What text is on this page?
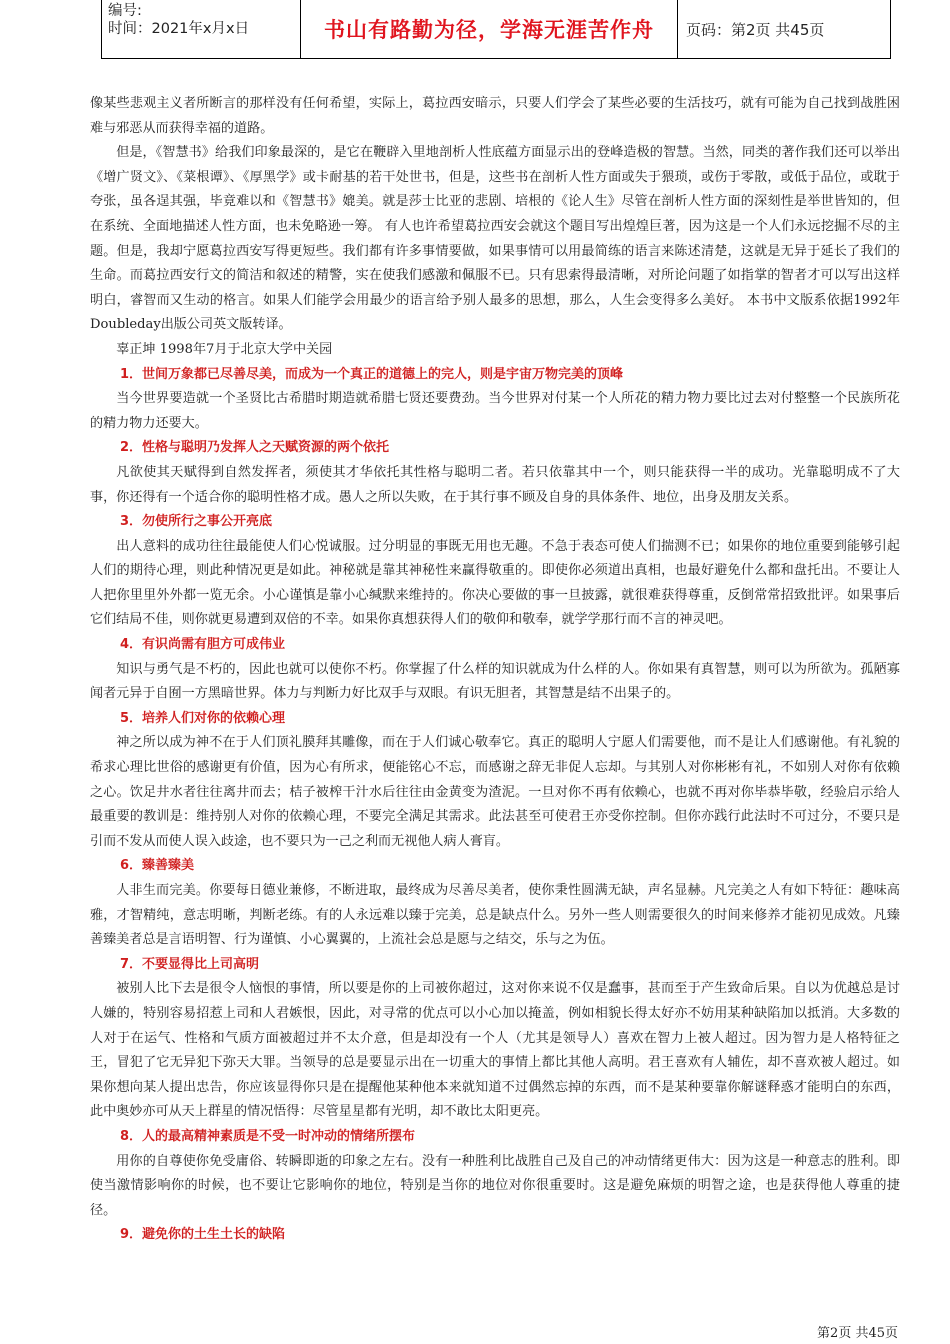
编号:
时间：2021年x月x日	书山有路勤为径，学海无涯苦作舟	页码：第2页 共45页

像某些悲观主义者所断言的那样没有任何希望，实际上，葛拉西安暗示，只要人们学会了某些必要的生活技巧，就有可能为自己找到战胜困难与邪恶从而获得幸福的道路。

但是，《智慧书》给我们印象最深的，是它在鞭辟入里地剖析人性底蕴方面显示出的登峰造极的智慧。当然，同类的著作我们还可以举出《增广贤文》、《菜根谭》、《厚黑学》或卡耐基的若干处世书，但是，这些书在剖析人性方面或失于猥琐，或伤于零散，或低于品位，或耽于夸张，虽各逞其强，毕竟难以和《智慧书》媲美。就是莎士比亚的悲剧、培根的《论人生》尽管在剖析人性方面的深刻性是举世皆知的，但在系统、全面地描述人性方面，也未免略逊一筹。 有人也许希望葛拉西安会就这个题目写出煌煌巨著，因为这是一个人们永远挖掘不尽的主题。但是，我却宁愿葛拉西安写得更短些。我们都有许多事情要做，如果事情可以用最简练的语言来陈述清楚，这就是无异于延长了我们的生命。而葛拉西安行文的简洁和叙述的精警，实在使我们感激和佩服不已。只有思索得最清晰，对所论问题了如指掌的智者才可以写出这样明白，睿智而又生动的格言。如果人们能学会用最少的语言给予别人最多的思想，那么，人生会变得多么美好。 本书中文版系依据1992年Doubleday出版公司英文版转译。

辜正坤 1998年7月于北京大学中关园

1．世间万象都已尽善尽美，而成为一个真正的道德上的完人，则是宇宙万物完美的顶峰

当今世界要造就一个圣贤比古希腊时期造就希腊七贤还要费劲。当今世界对付某一个人所花的精力物力要比过去对付整整一个民族所花的精力物力还要大。

2．性格与聪明乃发挥人之天赋资源的两个依托

凡欲使其天赋得到自然发挥者，须使其才华依托其性格与聪明二者。若只依靠其中一个，则只能获得一半的成功。光靠聪明成不了大事，你还得有一个适合你的聪明性格才成。愚人之所以失败，在于其行事不顾及自身的具体条件、地位，出身及朋友关系。

3．勿使所行之事公开亮底

出人意料的成功往往最能使人们心悦诚服。过分明显的事既无用也无趣。不急于表态可使人们揣测不已；如果你的地位重要到能够引起人们的期待心理，则此种情况更是如此。神秘就是靠其神秘性来赢得敬重的。即使你必须道出真相，也最好避免什么都和盘托出。不要让人人把你里里外外都一览无余。小心谨慎是靠小心缄默来维持的。你决心要做的事一旦披露，就很难获得尊重，反倒常常招致批评。如果事后它们结局不佳，则你就更易遭到双倍的不幸。如果你真想获得人们的敬仰和敬奉，就学学那行而不言的神灵吧。

4．有识尚需有胆方可成伟业

知识与勇气是不朽的，因此也就可以使你不朽。你掌握了什么样的知识就成为什么样的人。你如果有真智慧，则可以为所欲为。孤陋寡闻者元异于自囿一方黑暗世界。体力与判断力好比双手与双眼。有识无胆者，其智慧是结不出果子的。

5．培养人们对你的依赖心理

神之所以成为神不在于人们顶礼膜拜其雕像，而在于人们诚心敬奉它。真正的聪明人宁愿人们需要他，而不是让人们感谢他。有礼貌的希求心理比世俗的感谢更有价值，因为心有所求，便能铭心不忘，而感谢之辞无非促人忘却。与其别人对你彬彬有礼，不如别人对你有依赖之心。饮足井水者往往离井而去；桔子被榨干汁水后往往由金黄变为渣泥。一旦对你不再有依赖心，也就不再对你毕恭毕敬，经验启示给人最重要的教训是：维持别人对你的依赖心理，不要完全满足其需求。此法甚至可使君王亦受你控制。但你亦践行此法时不可过分，不要只是引而不发从而使人误入歧途，也不要只为一己之利而无视他人病人膏肓。

6．臻善臻美

人非生而完美。你要每日德业兼修，不断进取，最终成为尽善尽美者，使你秉性圆满无缺，声名显赫。凡完美之人有如下特征：趣味高雅，才智精纯，意志明晰，判断老练。有的人永远难以臻于完美，总是缺点什么。另外一些人则需要很久的时间来修养才能初见成效。凡臻善臻美者总是言语明智、行为谨慎、小心翼翼的，上流社会总是愿与之结交，乐与之为伍。

7．不要显得比上司高明

被别人比下去是很令人恼恨的事情，所以要是你的上司被你超过，这对你来说不仅是蠢事，甚而至于产生致命后果。自以为优越总是讨人嫌的，特别容易招惹上司和人君嫉恨，因此，对寻常的优点可以小心加以掩盖，例如相貌长得太好亦不妨用某种缺陷加以抵消。大多数的人对于在运气、性格和气质方面被超过并不太介意，但是却没有一个人（尤其是领导人）喜欢在智力上被人超过。因为智力是人格特征之王，冒犯了它无异犯下弥天大罪。当领导的总是要显示出在一切重大的事情上都比其他人高明。君王喜欢有人辅佐，却不喜欢被人超过。如果你想向某人提出忠告，你应该显得你只是在提醒他某种他本来就知道不过偶然忘掉的东西，而不是某种要靠你解谜释惑才能明白的东西，此中奥妙亦可从天上群星的情况悟得：尽管星星都有光明，却不敢比太阳更亮。

8．人的最高精神素质是不受一时冲动的情绪所摆布

用你的自尊使你免受庸俗、转瞬即逝的印象之左右。没有一种胜利比战胜自己及自己的冲动情绪更伟大：因为这是一种意志的胜利。即使当激情影响你的时候，也不要让它影响你的地位，特别是当你的地位对你很重要时。这是避免麻烦的明智之途，也是获得他人尊重的捷径。

9．避免你的土生土长的缺陷

第2页 共45页
